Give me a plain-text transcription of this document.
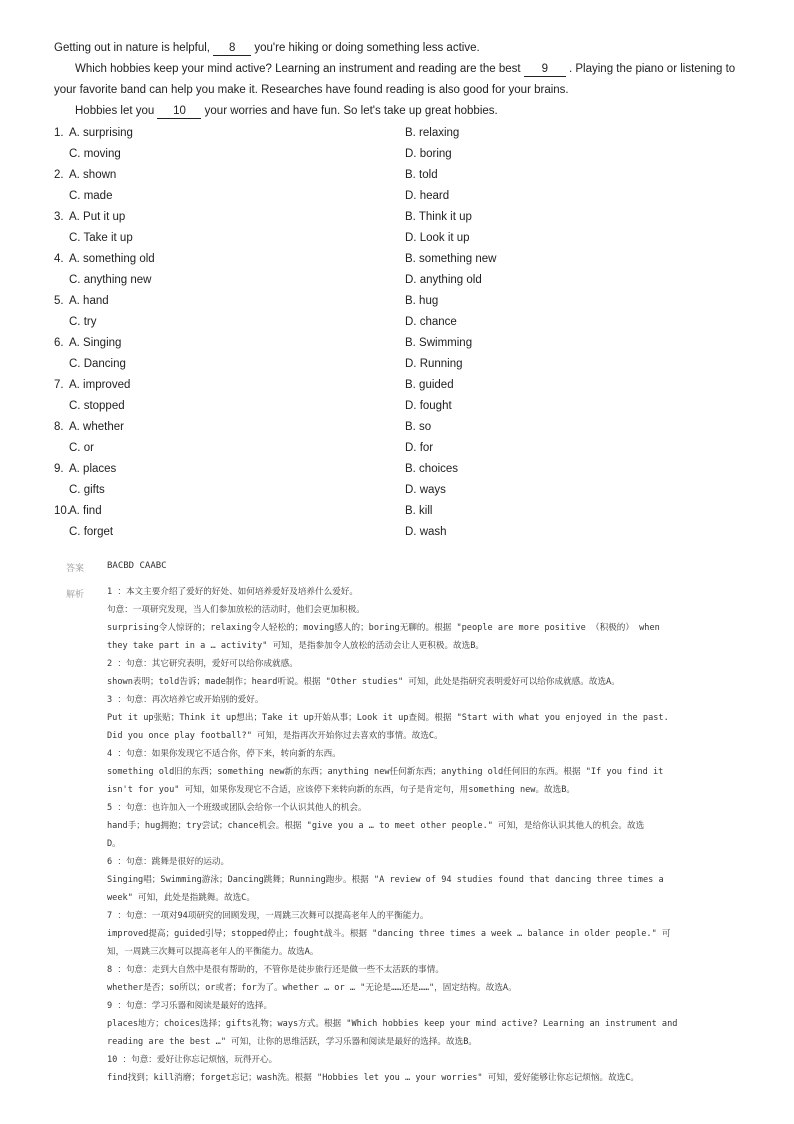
Getting out in nature is helpful, 8 you're hiking or doing something less active.

Which hobbies keep your mind active? Learning an instrument and reading are the best 9 . Playing the piano or listening to

your favorite band can help you make it. Researches have found reading is also good for your brains.

Hobbies let you 10 your worries and have fun. So let's take up great hobbies.

1. A. surprising	B. relaxing
C. moving	D. boring
2. A. shown	B. told
C. made	D. heard
3. A. Put it up	B. Think it up
C. Take it up	D. Look it up
4. A. something old	B. something new
C. anything new	D. anything old
5. A. hand	B. hug
C. try	D. chance
6. A. Singing	B. Swimming
C. Dancing	D. Running
7. A. improved	B. guided
C. stopped	D. fought
8. A. whether	B. so
C. or	D. for
9. A. places	B. choices
C. gifts	D. ways
10. A. find	B. kill
C. forget	D. wash
答案	BACBD CAABC
解析	1 ：本文主要介绍了爱好的好处、如何培养爱好及培养什么爱好。
句意：一项研究发现，当人们参加放松的活动时，他们会更加积极。
surprising令人惊讶的；relaxing令人轻松的；moving感人的；boring无聊的。根据 "people are more positive （积极的） when
they take part in a … activity" 可知，是指参加令人放松的活动会让人更积极。故选B。
2 ：句意：其它研究表明，爱好可以给你成就感。
shown表明；told告诉；made制作；heard听说。根据 "Other studies" 可知，此处是指研究表明爱好可以给你成就感。故选A。
3 ：句意：再次培养它或开始别的爱好。
Put it up张贴；Think it up想出；Take it up开始从事；Look it up查阅。根据 "Start with what you enjoyed in the past.
Did you once play football?" 可知，是指再次开始你过去喜欢的事情。故选C。
4 ：句意：如果你发现它不适合你，停下来，转向新的东西。
something old旧的东西；something new新的东西；anything new任何新东西；anything old任何旧的东西。根据 "If you find it
isn't for you" 可知，如果你发现它不合适，应该停下来转向新的东西，句子是肯定句，用something new。故选B。
5 ：句意：也许加入一个班级或团队会给你一个认识其他人的机会。
hand手；hug拥抱；try尝试；chance机会。根据 "give you a … to meet other people." 可知，是给你认识其他人的机会。故选
D。
6 ：句意：跳舞是很好的运动。
Singing唱；Swimming游泳；Dancing跳舞；Running跑步。根据 "A review of 94 studies found that dancing three times a
week" 可知，此处是指跳舞。故选C。
7 ：句意：一项对94项研究的回顾发现，一周跳三次舞可以提高老年人的平衡能力。
improved提高；guided引导；stopped停止；fought战斗。根据 "dancing three times a week … balance in older people." 可
知，一周跳三次舞可以提高老年人的平衡能力。故选A。
8 ：句意：走到大自然中是很有帮助的，不管你是徒步旅行还是做一些不太活跃的事情。
whether是否；so所以；or或者；for为了。whether … or … "无论是……还是……"，固定结构。故选A。
9 ：句意：学习乐器和阅读是最好的选择。
places地方；choices选择；gifts礼物；ways方式。根据 "Which hobbies keep your mind active? Learning an instrument and
reading are the best …" 可知，让你的思维活跃，学习乐器和阅读是最好的选择。故选B。
10 ：句意：爱好让你忘记烦恼，玩得开心。
find找到；kill消磨；forget忘记；wash洗。根据 "Hobbies let you … your worries" 可知，爱好能够让你忘记烦恼。故选C。
